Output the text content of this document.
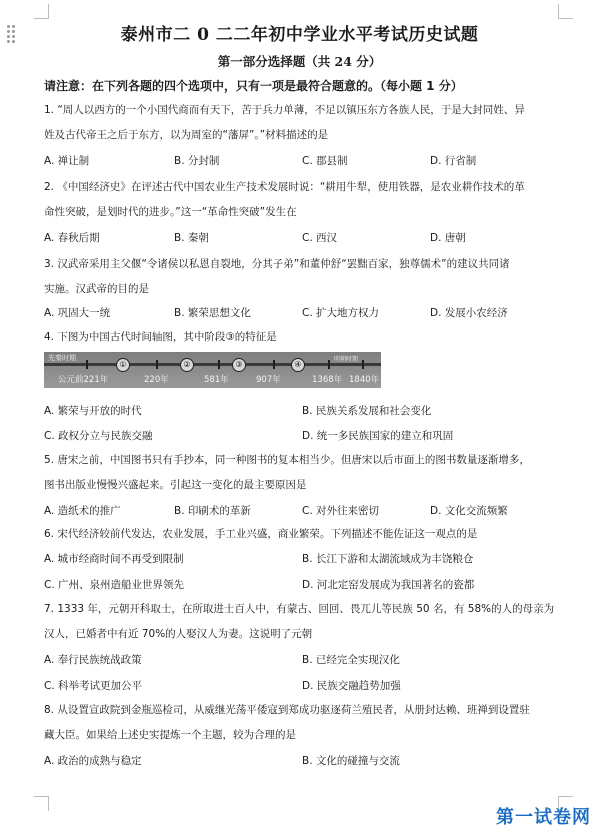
泰州市二 0 二二年初中学业水平考试历史试题
第一部分选择题（共 24 分）
请注意：在下列各题的四个选项中，只有一项是最符合题意的。（每小题 1 分）
1. “周人以西方的一个小国代商而有天下，苦于兵力单薄，不足以镇压东方各族人民，于是大封同姓、异
姓及古代帝王之后于东方，以为周室的“藩屏”。”材料描述的是
A. 禅让制	B. 分封制	C. 郡县制	D. 行省制
2. 《中国经济史》在评述古代中国农业生产技术发展时说：“耕用牛犁，使用铁器，是农业耕作技术的革
命性突破，是划时代的进步。”这一“革命性突破”发生在
A. 春秋后期	B. 秦朝	C. 西汉	D. 唐朝
3. 汉武帝采用主父偃“令诸侯以私恩自裂地，分其子弟”和董仲舒“罢黜百家，独尊儒术”的建议共同诸
实施。汉武帝的目的是
A. 巩固大一统	B. 繁荣思想文化	C. 扩大地方权力	D. 发展小农经济
4. 下图为中国古代时间轴图，其中阶段③的特征是
先秦时期
①	②	③	④
明朝时期
公元前221年	220年	581年	907年	1368年 1840年
A. 繁荣与开放的时代	B. 民族关系发展和社会变化
C. 政权分立与民族交融	D. 统一多民族国家的建立和巩固
5. 唐宋之前，中国图书只有手抄本，同一种图书的复本相当少。但唐宋以后市面上的图书数量逐渐增多，
图书出版业慢慢兴盛起来。引起这一变化的最主要原因是
A. 造纸术的推广	B. 印刷术的革新	C. 对外往来密切	D. 文化交流频繁
6. 宋代经济较前代发达，农业发展，手工业兴盛，商业繁荣。下列描述不能佐证这一观点的是
A. 城市经商时间不再受到限制	B. 长江下游和太湖流域成为丰饶粮仓
C. 广州、泉州造船业世界领先	D. 河北定窑发展成为我国著名的瓷都
7. 1333 年，元朝开科取士，在所取进士百人中，有蒙古、回回、畏兀儿等民族 50 名，有 58%的人的母亲为
汉人，已婚者中有近 70%的人娶汉人为妻。这说明了元朝
A. 奉行民族统战政策	B. 已经完全实现汉化
C. 科举考试更加公平	D. 民族交融趋势加强
8. 从设置宣政院到金瓶巡检司，从威继光荡平倭寇到郑成功驱逐荷兰殖民者，从册封达赖、班禅到设置驻
藏大臣。如果给上述史实提炼一个主题，较为合理的是
A. 政治的成熟与稳定	B. 文化的碰撞与交流
第一试卷网
